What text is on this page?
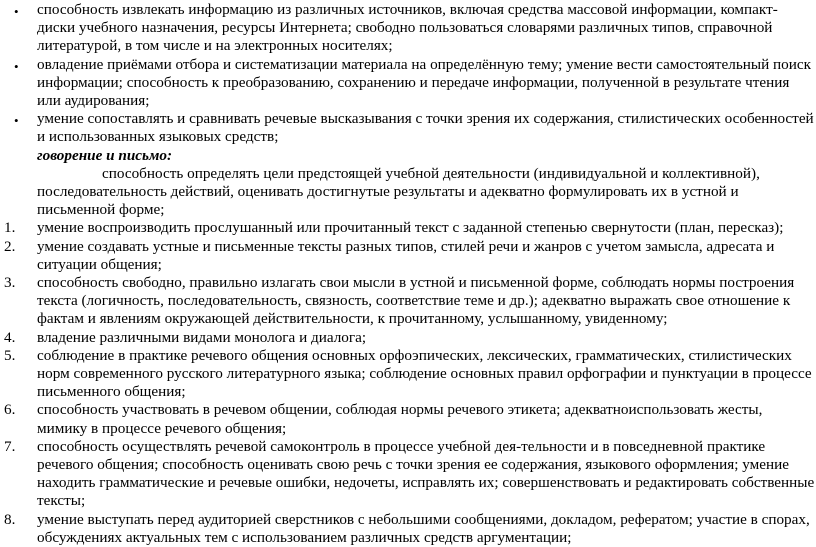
• способность извлекать информацию из различных источников, включая средства массовой информации, компакт-
диски учебного назначения, ресурсы Интернета; свободно пользоваться словарями различных типов, справочной
литературой, в том числе и на электронных носителях;
• овладение приёмами отбора и систематизации материала на определённую тему; умение вести самостоятельный поиск
информации; способность к преобразованию, сохранению и передаче информации, полученной в результате чтения
или аудирования;
• умение сопоставлять и сравнивать речевые высказывания с точки зрения их содержания, стилистических особенностей
и использованных языковых средств;
говорение и письмо:
способность определять цели предстоящей учебной деятельности (индивидуальной и коллективной),
последовательность действий, оценивать достигнутые результаты и адекватно формулировать их в устной и
письменной форме;
1. умение воспроизводить прослушанный или прочитанный текст с заданной степенью свернутости (план, пересказ);
2. умение создавать устные и письменные тексты разных типов, стилей речи и жанров с учетом замысла, адресата и
ситуации общения;
3. способность свободно, правильно излагать свои мысли в устной и письменной форме, соблюдать нормы построения
текста (логичность, последовательность, связность, соответствие теме и др.); адекватно выражать свое отношение к
фактам и явлениям окружающей действительности, к прочитанному, услышанному, увиденному;
4. владение различными видами монолога и диалога;
5. соблюдение в практике речевого общения основных орфоэпических, лексических, грамматических, стилистических
норм современного русского литературного языка; соблюдение основных правил орфографии и пунктуации в процессе
письменного общения;
6. способность участвовать в речевом общении, соблюдая нормы речевого этикета; адекватноиспользовать жесты,
мимику в процессе речевого общения;
7. способность осуществлять речевой самоконтроль в процессе учебной дея-тельности и в повседневной практике
речевого общения; способность оценивать свою речь с точки зрения ее содержания, языкового оформления; умение
находить грамматические и речевые ошибки, недочеты, исправлять их; совершенствовать и редактировать собственные
тексты;
8. умение выступать перед аудиторией сверстников с небольшими сообщениями, докладом, рефератом; участие в спорах,
обсуждениях актуальных тем с использованием различных средств аргументации;
